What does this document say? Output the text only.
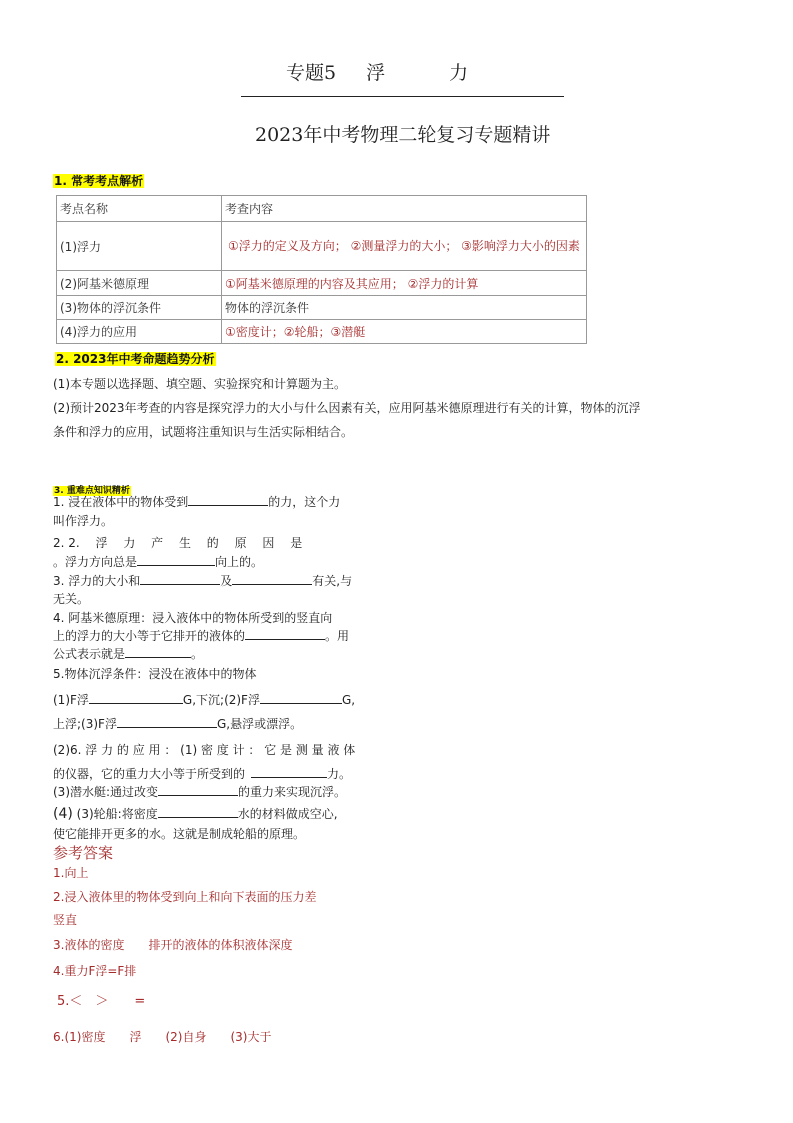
专题5 浮	力
2023年中考物理二轮复习专题精讲
1. 常考考点解析
考点名称	考查内容
(1)浮力	①浮力的定义及方向； ②测量浮力的大小； ③影响浮力大小的因素
(2)阿基米德原理	①阿基米德原理的内容及其应用； ②浮力的计算
(3)物体的浮沉条件	物体的浮沉条件
(4)浮力的应用	①密度计；②轮船；③潜艇
2. 2023年中考命题趋势分析
(1)本专题以选择题、填空题、实验探究和计算题为主。
(2)预计2023年考查的内容是探究浮力的大小与什么因素有关，应用阿基米德原理进行有关的计算，物体的沉浮
条件和浮力的应用，试题将注重知识与生活实际相结合。
3. 重难点知识精析
1. 浸在液体中的物体受到	的力，这个力
叫作浮力。
2. 2.　 浮　 力　 产　 生　 的　 原　 因　 是
。浮力方向总是	向上的。
3. 浮力的大小和	及	有关,与
无关。
4. 阿基米德原理：浸入液体中的物体所受到的竖直向
上的浮力的大小等于它排开的液体的	。用
公式表示就是	。
5.物体沉浮条件：浸没在液体中的物体
(1)F浮	G,下沉;(2)F浮	G,
上浮;(3)F浮	G,悬浮或漂浮。
(2)6. 浮 力 的 应 用 ： (1) 密 度 计 ： 它 是 测 量 液 体
的仪器，它的重力大小等于所受到的	力。
(3)潜水艇:通过改变	的重力来实现沉浮。
(4) (3)轮船:将密度	水的材料做成空心,
使它能排开更多的水。这就是制成轮船的原理。
参考答案
1.向上
2.浸入液体里的物体受到向上和向下表面的压力差
竖直
3.液体的密度　　排开的液体的体积液体深度
4.重力F浮=F排
5.＜　＞　　=
6.(1)密度　　浮　　(2)自身　　(3)大于
